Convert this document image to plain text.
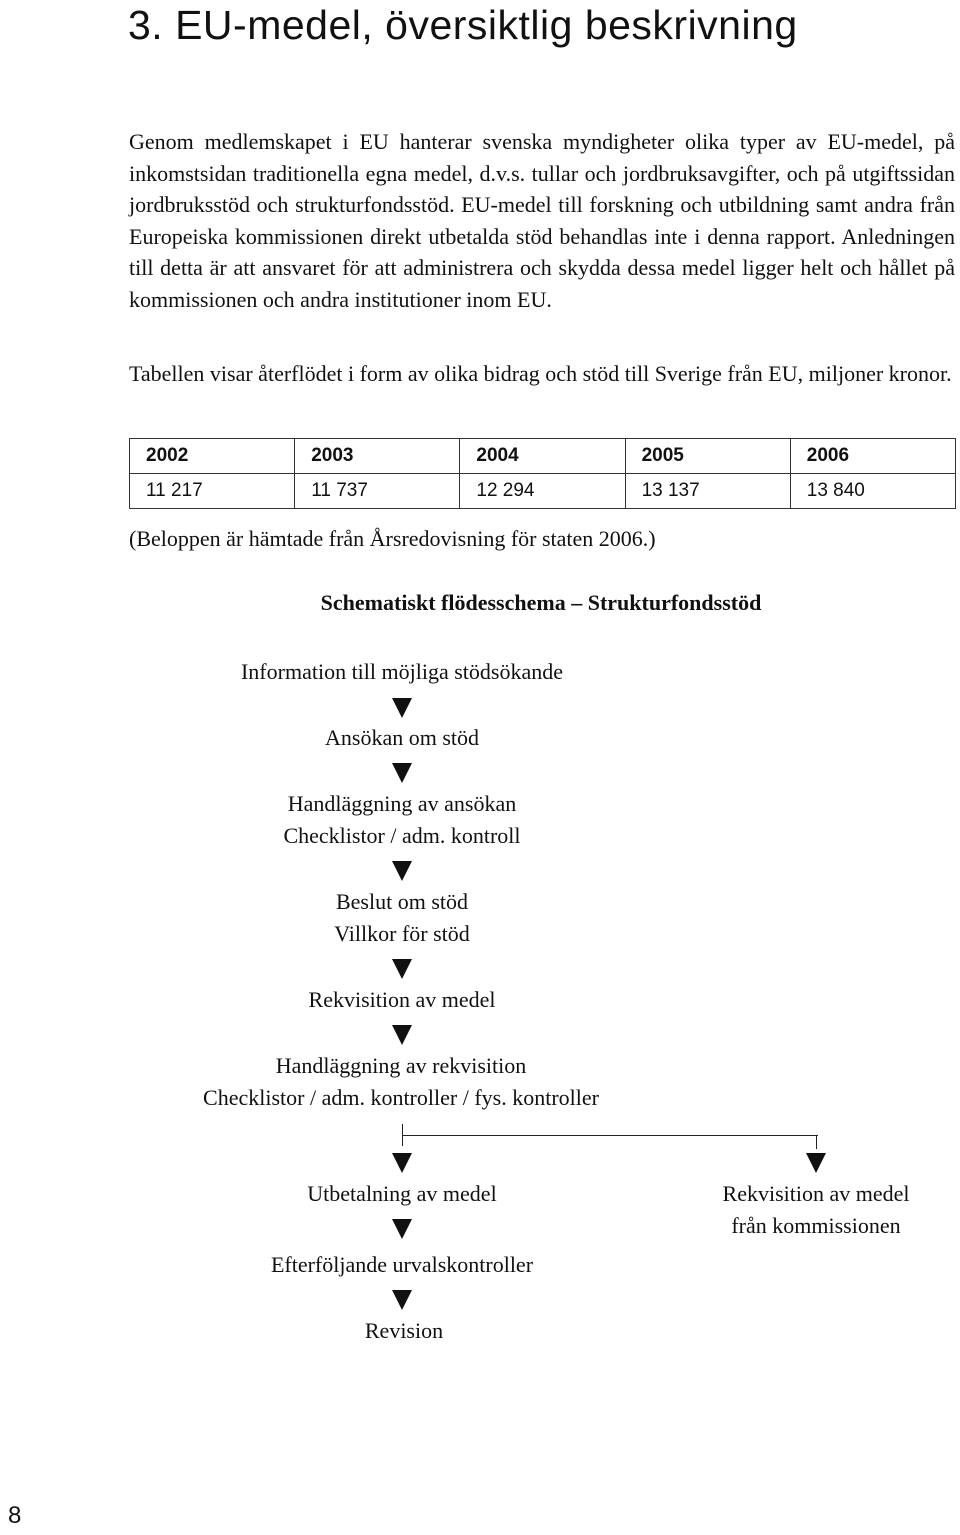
3. EU-medel, översiktlig beskrivning

Genom medlemskapet i EU hanterar svenska myndigheter olika typer av EU-medel, på inkomstsidan traditionella egna medel, d.v.s. tullar och jordbruksavgifter, och på utgiftssidan jordbruksstöd och strukturfondsstöd. EU-medel till forskning och utbildning samt andra från Europeiska kommissionen direkt utbetalda stöd behandlas inte i denna rapport. Anledningen till detta är att ansvaret för att administrera och skydda dessa medel ligger helt och hållet på kommissionen och andra institutioner inom EU.

Tabellen visar återflödet i form av olika bidrag och stöd till Sverige från EU, miljoner kronor.

2002	2003	2004	2005	2006
11 217	11 737	12 294	13 137	13 840

(Beloppen är hämtade från Årsredovisning för staten 2006.)

Schematiskt flödesschema – Strukturfondsstöd
Information till möjliga stödsökande
Ansökan om stöd
Handläggning av ansökan
Checklistor / adm. kontroll
Beslut om stöd
Villkor för stöd
Rekvisition av medel
Handläggning av rekvisition
Checklistor / adm. kontroller / fys. kontroller
Utbetalning av medel
Efterföljande urvalskontroller
Revision
Rekvisition av medel
från kommissionen

8
